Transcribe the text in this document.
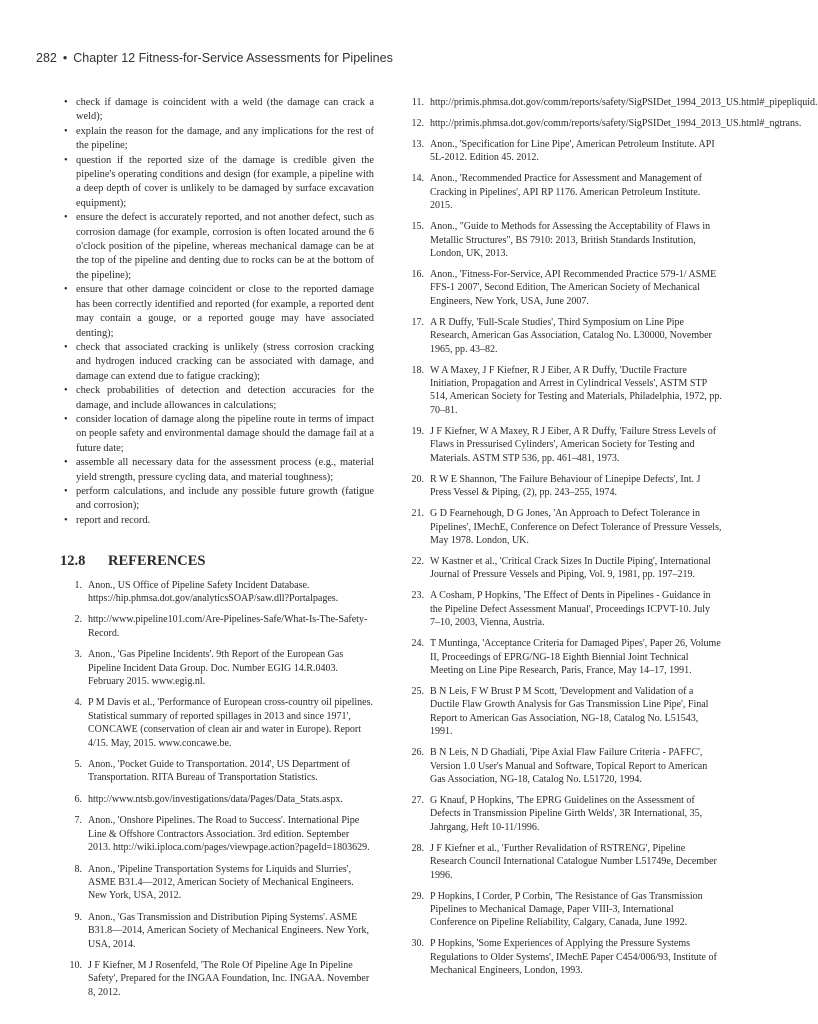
282 • Chapter 12 Fitness-for-Service Assessments for Pipelines
• check if damage is coincident with a weld (the damage can crack a weld);
• explain the reason for the damage, and any implications for the rest of the pipeline;
• question if the reported size of the damage is credible given the pipeline's operating conditions and design (for example, a pipeline with a deep depth of cover is unlikely to be damaged by surface excavation equipment);
• ensure the defect is accurately reported, and not another defect, such as corrosion damage (for example, corrosion is often located around the 6 o'clock position of the pipeline, whereas mechanical damage can be at the top of the pipeline and denting due to rocks can be at the bottom of the pipeline);
• ensure that other damage coincident or close to the reported damage has been correctly identified and reported (for example, a reported dent may contain a gouge, or a reported gouge may have associated denting);
• check that associated cracking is unlikely (stress corrosion cracking and hydrogen induced cracking can be associated with damage, and damage can extend due to fatigue cracking);
• check probabilities of detection and detection accuracies for the damage, and include allowances in calculations;
• consider location of damage along the pipeline route in terms of impact on people safety and environmental damage should the damage fail at a future date;
• assemble all necessary data for the assessment process (e.g., material yield strength, pressure cycling data, and material toughness);
• perform calculations, and include any possible future growth (fatigue and corrosion);
• report and record.
12.8 REFERENCES
1. Anon., US Office of Pipeline Safety Incident Database. https://hip.phmsa.dot.gov/analyticsSOAP/saw.dll?Portalpages.
2. http://www.pipeline101.com/Are-Pipelines-Safe/What-Is-The-Safety-Record.
3. Anon., 'Gas Pipeline Incidents'. 9th Report of the European Gas Pipeline Incident Data Group. Doc. Number EGIG 14.R.0403. February 2015. www.egig.nl.
4. P M Davis et al., 'Performance of European cross-country oil pipelines. Statistical summary of reported spillages in 2013 and since 1971', CONCAWE (conservation of clean air and water in Europe). Report 4/15. May, 2015. www.concawe.be.
5. Anon., 'Pocket Guide to Transportation. 2014', US Department of Transportation. RITA Bureau of Transportation Statistics.
6. http://www.ntsb.gov/investigations/data/Pages/Data_Stats.aspx.
7. Anon., 'Onshore Pipelines. The Road to Success'. International Pipe Line & Offshore Contractors Association. 3rd edition. September 2013. http://wiki.iploca.com/pages/viewpage.action?pageId=1803629.
8. Anon., 'Pipeline Transportation Systems for Liquids and Slurries', ASME B31.4—2012, American Society of Mechanical Engineers. New York, USA, 2012.
9. Anon., 'Gas Transmission and Distribution Piping Systems'. ASME B31.8—2014, American Society of Mechanical Engineers. New York, USA, 2014.
10. J F Kiefner, M J Rosenfeld, 'The Role Of Pipeline Age In Pipeline Safety', Prepared for the INGAA Foundation, Inc. INGAA. November 8, 2012.
11. http://primis.phmsa.dot.gov/comm/reports/safety/SigPSIDet_1994_2013_US.html#_pipepliquid.
12. http://primis.phmsa.dot.gov/comm/reports/safety/SigPSIDet_1994_2013_US.html#_ngtrans.
13. Anon., 'Specification for Line Pipe', American Petroleum Institute. API 5L-2012. Edition 45. 2012.
14. Anon., 'Recommended Practice for Assessment and Management of Cracking in Pipelines', API RP 1176. American Petroleum Institute. 2015.
15. Anon., "Guide to Methods for Assessing the Acceptability of Flaws in Metallic Structures", BS 7910: 2013, British Standards Institution, London, UK, 2013.
16. Anon., 'Fitness-For-Service, API Recommended Practice 579-1/ ASME FFS-1 2007', Second Edition, The American Society of Mechanical Engineers, New York, USA, June 2007.
17. A R Duffy, 'Full-Scale Studies', Third Symposium on Line Pipe Research, American Gas Association, Catalog No. L30000, November 1965, pp. 43–82.
18. W A Maxey, J F Kiefner, R J Eiber, A R Duffy, 'Ductile Fracture Initiation, Propagation and Arrest in Cylindrical Vessels', ASTM STP 514, American Society for Testing and Materials, Philadelphia, 1972, pp. 70–81.
19. J F Kiefner, W A Maxey, R J Eiber, A R Duffy, 'Failure Stress Levels of Flaws in Pressurised Cylinders', American Society for Testing and Materials. ASTM STP 536, pp. 461–481, 1973.
20. R W E Shannon, 'The Failure Behaviour of Linepipe Defects', Int. J Press Vessel & Piping, (2), pp. 243–255, 1974.
21. G D Fearnehough, D G Jones, 'An Approach to Defect Tolerance in Pipelines', IMechE, Conference on Defect Tolerance of Pressure Vessels, May 1978. London, UK.
22. W Kastner et al., 'Critical Crack Sizes In Ductile Piping', International Journal of Pressure Vessels and Piping, Vol. 9, 1981, pp. 197–219.
23. A Cosham, P Hopkins, 'The Effect of Dents in Pipelines - Guidance in the Pipeline Defect Assessment Manual', Proceedings ICPVT-10. July 7–10, 2003, Vienna, Austria.
24. T Muntinga, 'Acceptance Criteria for Damaged Pipes', Paper 26, Volume II, Proceedings of EPRG/NG-18 Eighth Biennial Joint Technical Meeting on Line Pipe Research, Paris, France, May 14–17, 1991.
25. B N Leis, F W Brust P M Scott, 'Development and Validation of a Ductile Flaw Growth Analysis for Gas Transmission Line Pipe', Final Report to American Gas Association, NG-18, Catalog No. L51543, 1991.
26. B N Leis, N D Ghadiali, 'Pipe Axial Flaw Failure Criteria - PAFFC', Version 1.0 User's Manual and Software, Topical Report to American Gas Association, NG-18, Catalog No. L51720, 1994.
27. G Knauf, P Hopkins, 'The EPRG Guidelines on the Assessment of Defects in Transmission Pipeline Girth Welds', 3R International, 35, Jahrgang, Heft 10-11/1996.
28. J F Kiefner et al., 'Further Revalidation of RSTRENG', Pipeline Research Council International Catalogue Number L51749e, December 1996.
29. P Hopkins, I Corder, P Corbin, 'The Resistance of Gas Transmission Pipelines to Mechanical Damage, Paper VIII-3, International Conference on Pipeline Reliability, Calgary, Canada, June 1992.
30. P Hopkins, 'Some Experiences of Applying the Pressure Systems Regulations to Older Systems', IMechE Paper C454/006/93, Institute of Mechanical Engineers, London, 1993.
